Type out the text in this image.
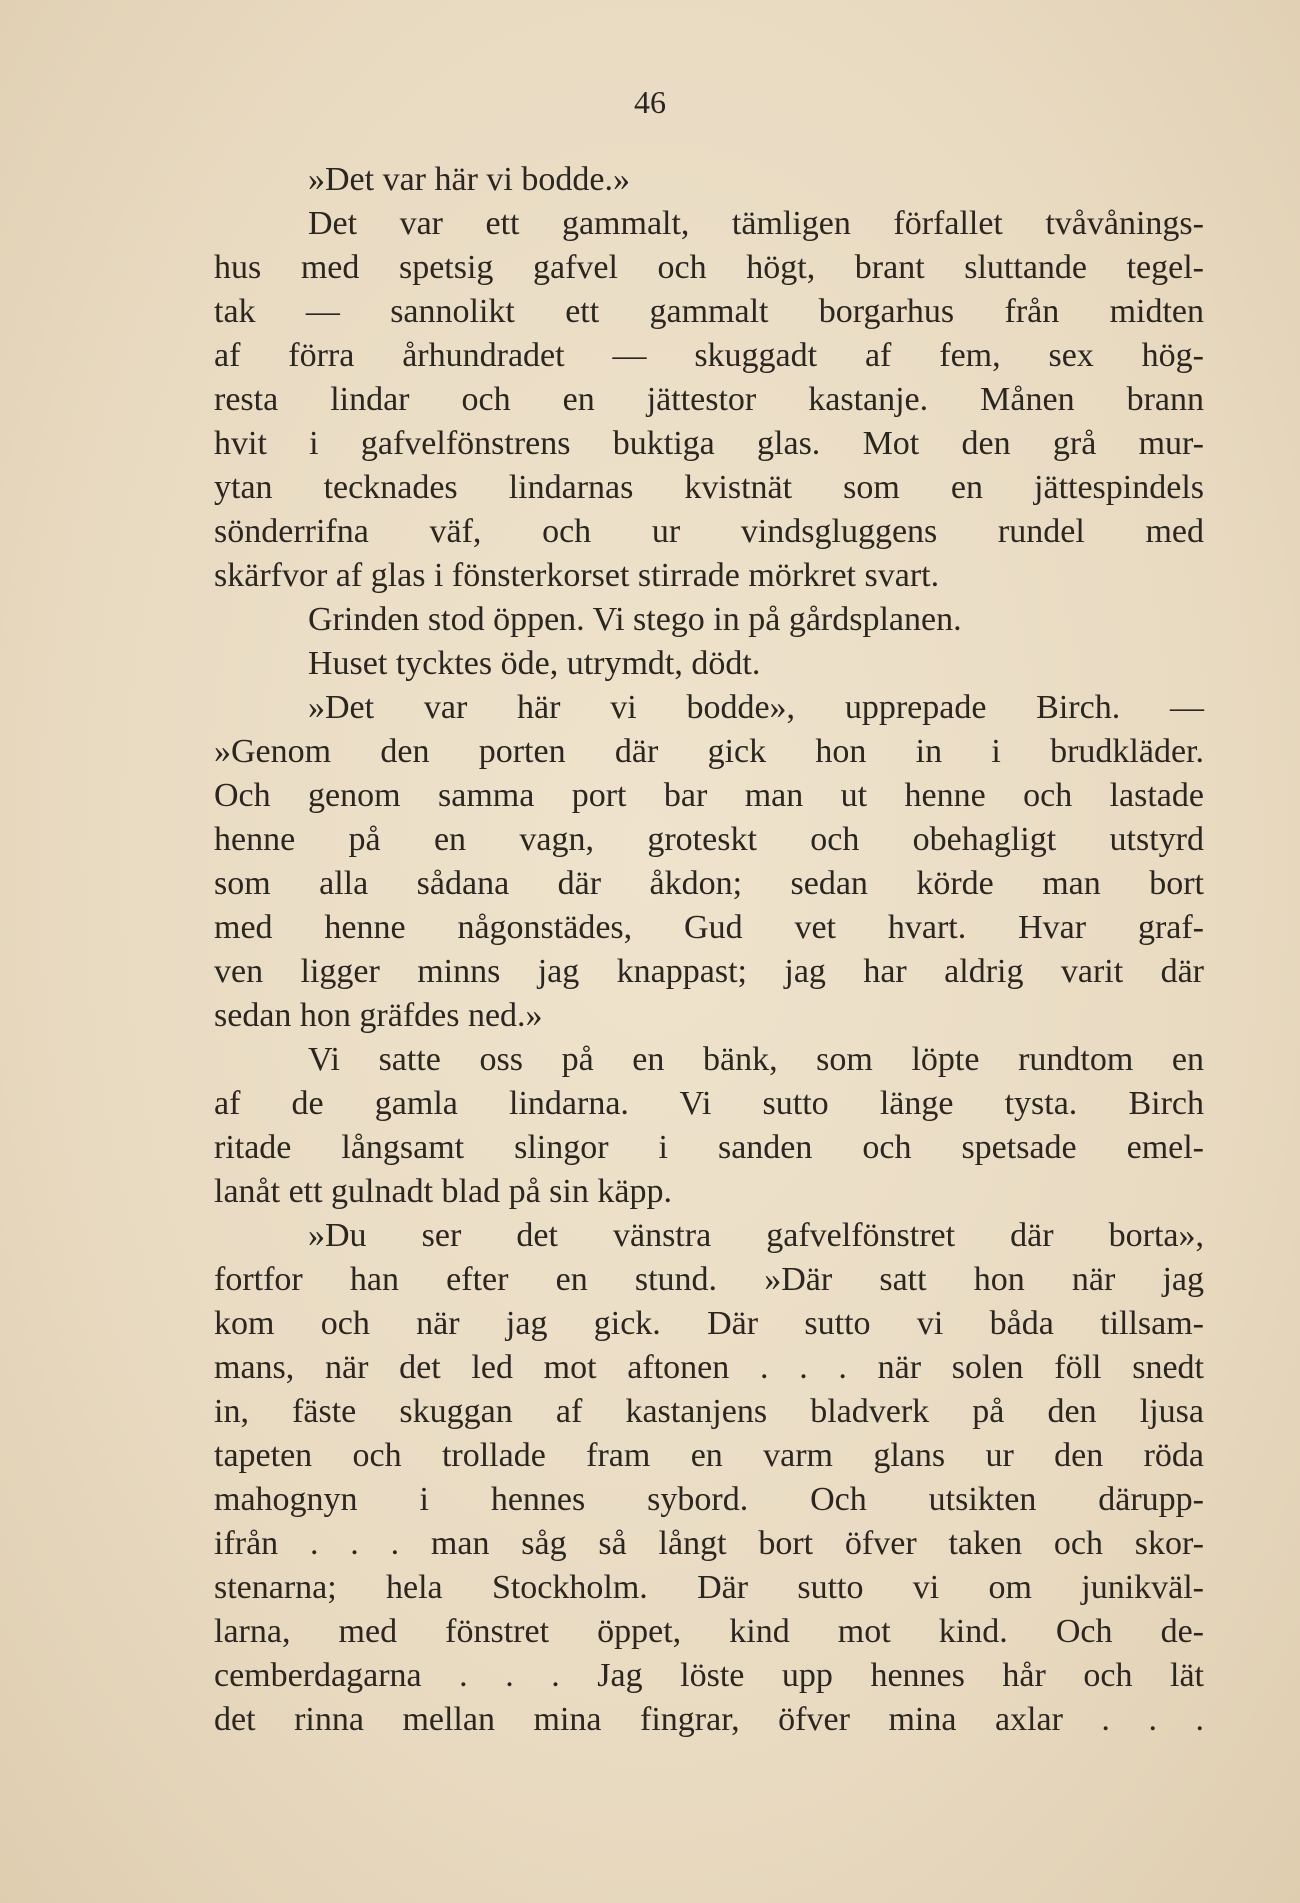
46
»Det var här vi bodde.»
Det var ett gammalt, tämligen förfallet tvåvånings-
hus med spetsig gafvel och högt, brant sluttande tegel-
tak — sannolikt ett gammalt borgarhus från midten
af förra århundradet — skuggadt af fem, sex hög-
resta lindar och en jättestor kastanje. Månen brann
hvit i gafvelfönstrens buktiga glas. Mot den grå mur-
ytan tecknades lindarnas kvistnät som en jättespindels
sönderrifna väf, och ur vindsgluggens rundel med
skärfvor af glas i fönsterkorset stirrade mörkret svart.
Grinden stod öppen. Vi stego in på gårdsplanen.
Huset tycktes öde, utrymdt, dödt.
»Det var här vi bodde», upprepade Birch. —
»Genom den porten där gick hon in i brudkläder.
Och genom samma port bar man ut henne och lastade
henne på en vagn, groteskt och obehagligt utstyrd
som alla sådana där åkdon; sedan körde man bort
med henne någonstädes, Gud vet hvart. Hvar graf-
ven ligger minns jag knappast; jag har aldrig varit där
sedan hon gräfdes ned.»
Vi satte oss på en bänk, som löpte rundtom en
af de gamla lindarna. Vi sutto länge tysta. Birch
ritade långsamt slingor i sanden och spetsade emel-
lanåt ett gulnadt blad på sin käpp.
»Du ser det vänstra gafvelfönstret där borta»,
fortfor han efter en stund. »Där satt hon när jag
kom och när jag gick. Där sutto vi båda tillsam-
mans, när det led mot aftonen . . . när solen föll snedt
in, fäste skuggan af kastanjens bladverk på den ljusa
tapeten och trollade fram en varm glans ur den röda
mahognyn i hennes sybord. Och utsikten därupp-
ifrån . . . man såg så långt bort öfver taken och skor-
stenarna; hela Stockholm. Där sutto vi om junikväl-
larna, med fönstret öppet, kind mot kind. Och de-
cemberdagarna . . . Jag löste upp hennes hår och lät
det rinna mellan mina fingrar, öfver mina axlar . . .
